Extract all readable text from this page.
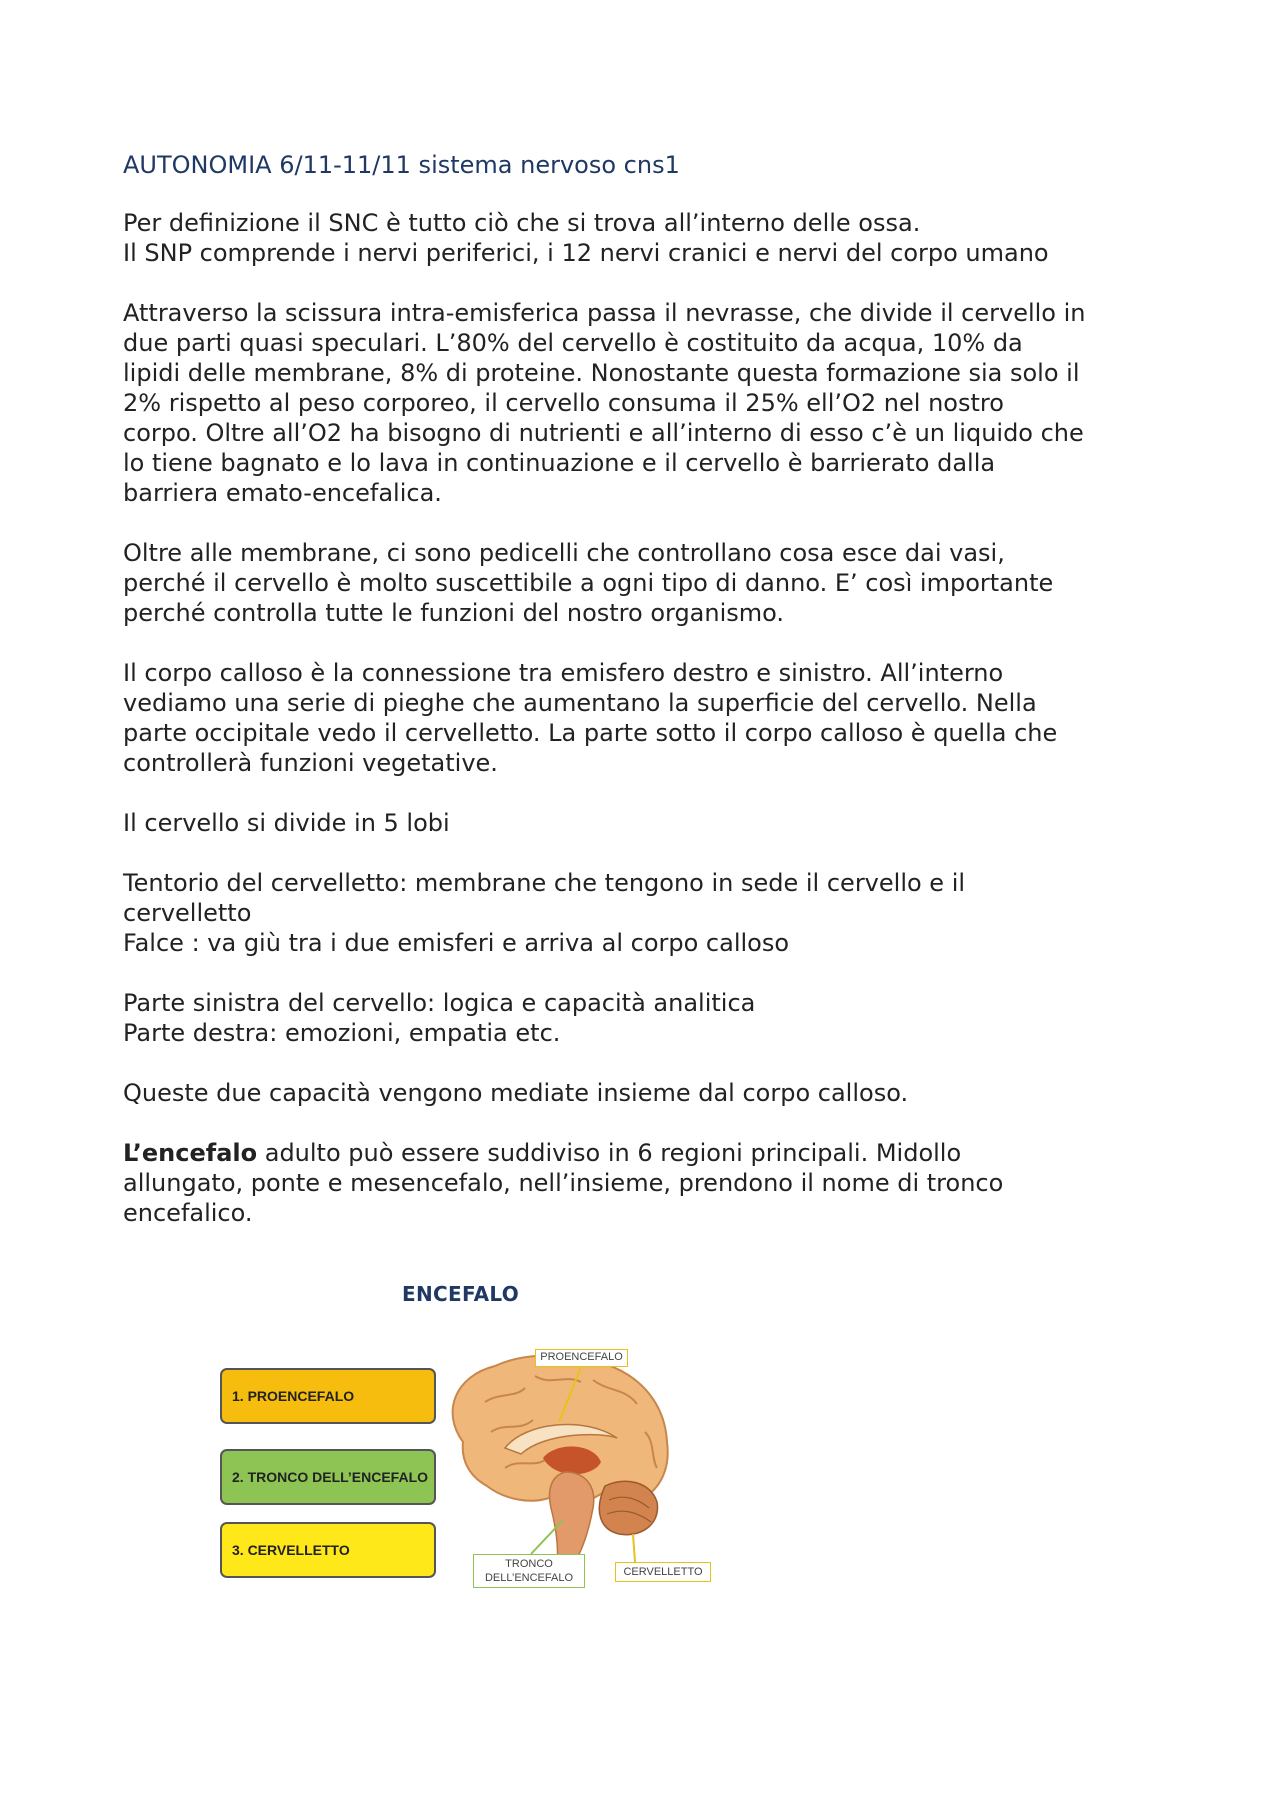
AUTONOMIA 6/11-11/11 sistema nervoso cns1
Per definizione il SNC è tutto ciò che si trova all’interno delle ossa.
Il SNP comprende i nervi periferici, i 12 nervi cranici e nervi del corpo umano
Attraverso la scissura intra-emisferica passa il nevrasse, che divide il cervello in
due parti quasi speculari. L’80% del cervello è costituito da acqua, 10% da
lipidi delle membrane, 8% di proteine. Nonostante questa formazione sia solo il
2% rispetto al peso corporeo, il cervello consuma il 25% ell’O2 nel nostro
corpo. Oltre all’O2 ha bisogno di nutrienti e all’interno di esso c’è un liquido che
lo tiene bagnato e lo lava in continuazione e il cervello è barrierato dalla
barriera emato-encefalica.
Oltre alle membrane, ci sono pedicelli che controllano cosa esce dai vasi,
perché il cervello è molto suscettibile a ogni tipo di danno. E’ così importante
perché controlla tutte le funzioni del nostro organismo.
Il corpo calloso è la connessione tra emisfero destro e sinistro. All’interno
vediamo una serie di pieghe che aumentano la superficie del cervello. Nella
parte occipitale vedo il cervelletto. La parte sotto il corpo calloso è quella che
controllerà funzioni vegetative.
Il cervello si divide in 5 lobi
Tentorio del cervelletto: membrane che tengono in sede il cervello e il
cervelletto
Falce : va giù tra i due emisferi e arriva al corpo calloso
Parte sinistra del cervello: logica e capacità analitica
Parte destra: emozioni, empatia etc.
Queste due capacità vengono mediate insieme dal corpo calloso.
L’encefalo adulto può essere suddiviso in 6 regioni principali. Midollo
allungato, ponte e mesencefalo, nell’insieme, prendono il nome di tronco
encefalico.
ENCEFALO
1. PROENCEFALO
2. TRONCO DELL’ENCEFALO
3. CERVELLETTO
PROENCEFALO
TRONCO
DELL’ENCEFALO	CERVELLETTO
